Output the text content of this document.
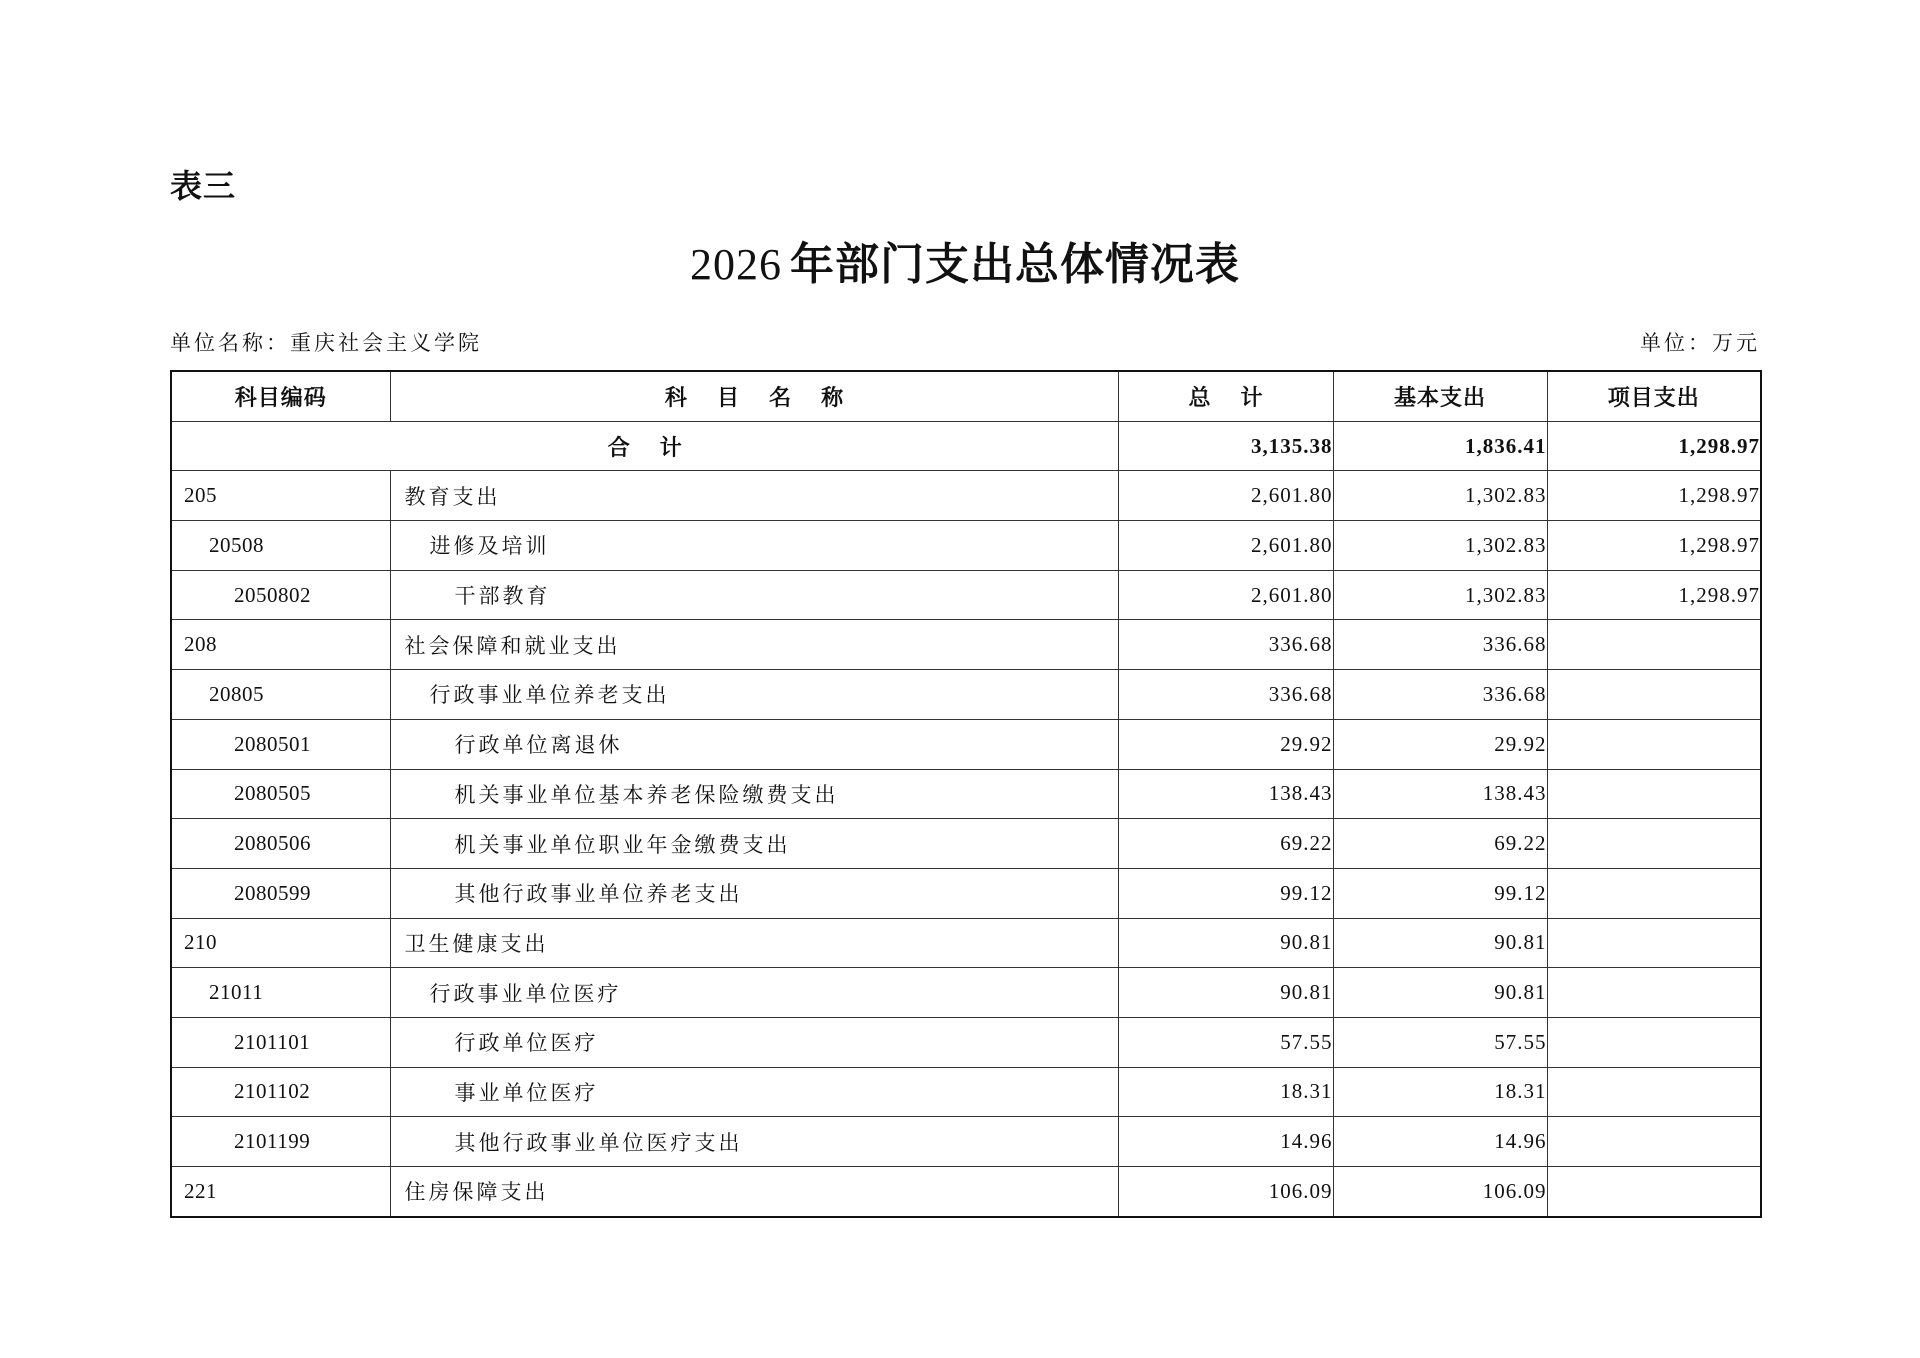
表三
2026 年部门支出总体情况表
单位名称：重庆社会主义学院	单位：万元
科目编码	科 目 名 称	总 计	基本支出	项目支出
合 计		3,135.38	1,836.41	1,298.97
205	教育支出	2,601.80	1,302.83	1,298.97
20508	进修及培训	2,601.80	1,302.83	1,298.97
2050802	干部教育	2,601.80	1,302.83	1,298.97
208	社会保障和就业支出	336.68	336.68	
20805	行政事业单位养老支出	336.68	336.68	
2080501	行政单位离退休	29.92	29.92	
2080505	机关事业单位基本养老保险缴费支出	138.43	138.43	
2080506	机关事业单位职业年金缴费支出	69.22	69.22	
2080599	其他行政事业单位养老支出	99.12	99.12	
210	卫生健康支出	90.81	90.81	
21011	行政事业单位医疗	90.81	90.81	
2101101	行政单位医疗	57.55	57.55	
2101102	事业单位医疗	18.31	18.31	
2101199	其他行政事业单位医疗支出	14.96	14.96	
221	住房保障支出	106.09	106.09	
